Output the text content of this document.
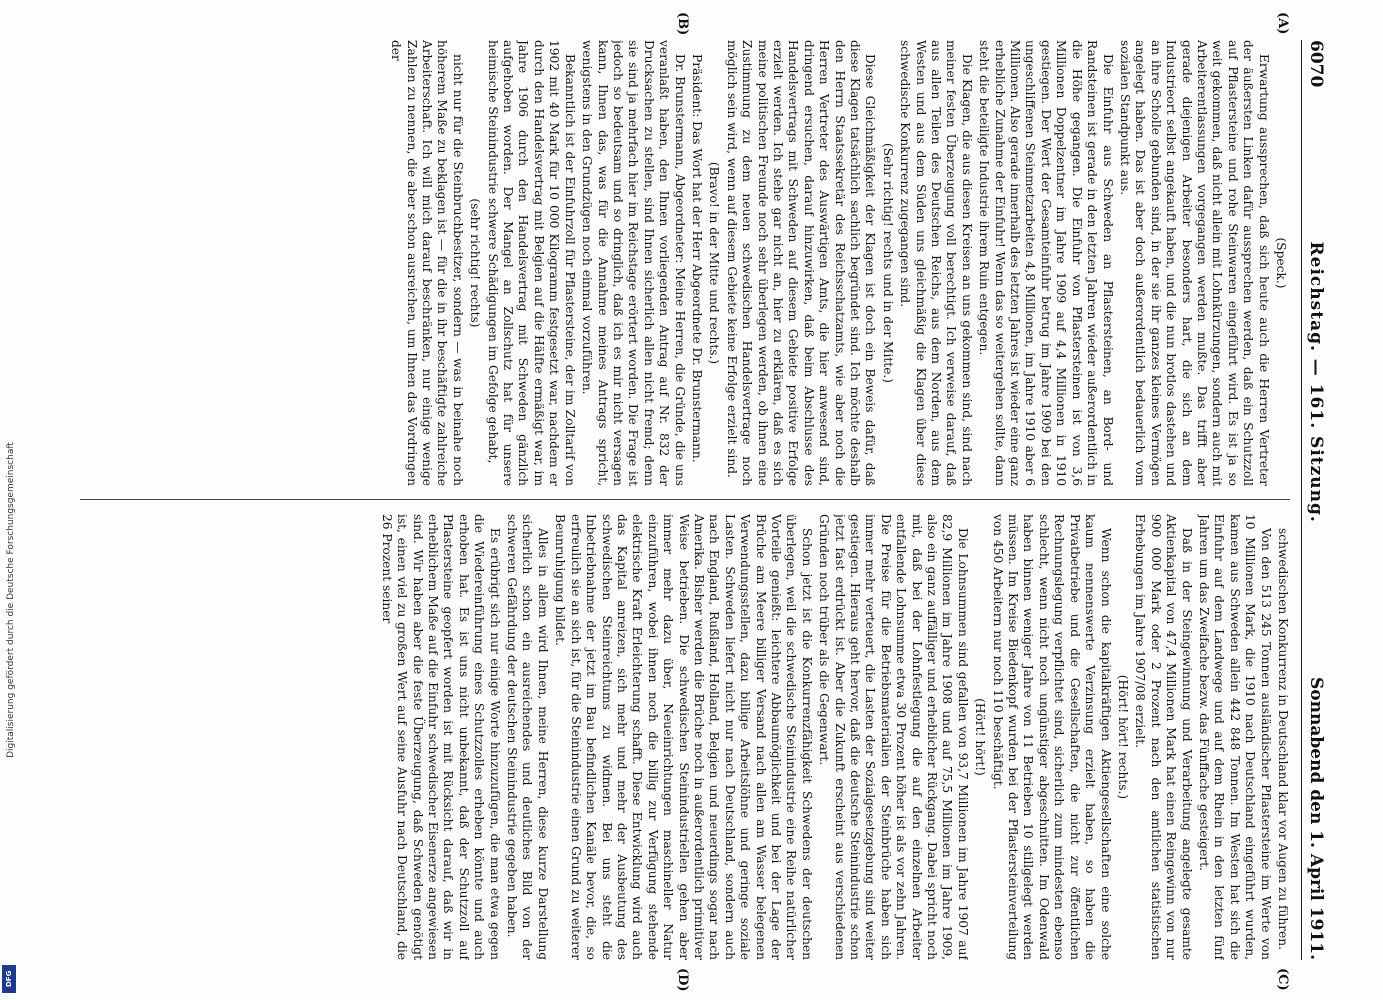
Digitalisierung gefördert durch die Deutsche Forschungsgemeinschaft
DFG
6070
Reichstag. — 161. Sitzung.
Sonnabend den 1. April 1911.
(A)
(B)
(C)
(D)

(Speck.)

Erwartung aussprechen, daß sich heute auch die Herren Vertreter der äußersten Linken dafür aussprechen werden, daß ein Schutzzoll auf Pflastersteine und rohe Steinwaren eingeführt wird. Es ist ja so weit gekommen, daß nicht allein mit Lohnkürzungen, sondern auch mit Arbeiterentlassungen vorgegangen werden mußte. Das trifft aber gerade diejenigen Arbeiter besonders hart, die sich an dem Industrieort selbst angekauft haben, und die nun brotlos dastehen und an ihre Scholle gebunden sind, in der sie ihr ganzes kleines Vermögen angelegt haben. Das ist aber doch außerordentlich bedauerlich vom sozialen Standpunkt aus.

Die Einfuhr aus Schweden an Pflastersteinen, an Bord- und Randsteinen ist gerade in den letzten Jahren wieder außerordentlich in die Höhe gegangen. Die Einfuhr von Pflastersteinen ist von 3,6 Millionen Doppelzentner im Jahre 1909 auf 4,4 Millionen in 1910 gestiegen. Der Wert der Gesamteinfuhr betrug im Jahre 1909 bei den ungeschliffenen Steinmetzarbeiten 4,8 Millionen, im Jahre 1910 aber 6 Millionen. Also gerade innerhalb des letzten Jahres ist wieder eine ganz erhebliche Zunahme der Einfuhr! Wenn das so weitergehen sollte, dann steht die beteiligte Industrie ihrem Ruin entgegen.

Die Klagen, die aus diesen Kreisen an uns gekommen sind, sind nach meiner festen Überzeugung voll berechtigt. Ich verweise darauf, daß aus allen Teilen des Deutschen Reichs, aus dem Norden, aus dem Westen und aus dem Süden uns gleichmäßig die Klagen über diese schwedische Konkurrenz zugegangen sind.

(Sehr richtig! rechts und in der Mitte.)

Diese Gleichmäßigkeit der Klagen ist doch ein Beweis dafür, daß diese Klagen tatsächlich sachlich begründet sind. Ich möchte deshalb den Herrn Staatssekretär des Reichsschatzamts, wie aber noch die Herren Vertreter des Auswärtigen Amts, die hier anwesend sind, dringend ersuchen, darauf hinzuwirken, daß beim Abschlusse des Handelsvertrags mit Schweden auf diesem Gebiete positive Erfolge erzielt werden. Ich stehe gar nicht an, hier zu erklären, daß es sich meine politischen Freunde noch sehr überlegen werden, ob ihnen eine Zustimmung zu dem neuen schwedischen Handelsvertrage noch möglich sein wird, wenn auf diesem Gebiete keine Erfolge erzielt sind.

(Bravo! in der Mitte und rechts.)

Präsident: Das Wort hat der Herr Abgeordnete Dr. Brunstermann.

Dr. Brunstermann, Abgeordneter: Meine Herren, die Gründe, die uns veranlaßt haben, den Ihnen vorliegenden Antrag auf Nr. 832 der Drucksachen zu stellen, sind Ihnen sicherlich allen nicht fremd; denn sie sind ja mehrfach hier im Reichstage erörtert worden. Die Frage ist jedoch so bedeutsam und so dringlich, daß ich es mir nicht versagen kann, Ihnen das, was für die Annahme meines Antrags spricht, wenigstens in den Grundzügen noch einmal vorzuführen.

Bekanntlich ist der Einfuhrzoll für Pflastersteine, der im Zolltarif von 1902 mit 40 Mark für 10 000 Kilogramm festgesetzt war, nachdem er durch den Handelsvertrag mit Belgien auf die Hälfte ermäßigt war, im Jahre 1906 durch den Handelsvertrag mit Schweden gänzlich aufgehoben worden. Der Mangel an Zollschutz hat für unsere heimische Steinindustrie schwere Schädigungen im Gefolge gehabt,

(sehr richtig! rechts)

nicht nur für die Steinbruchbesitzer, sondern — was in beinahe noch höherem Maße zu beklagen ist — für die in ihr beschäftigte zahlreiche Arbeiterschaft. Ich will mich darauf beschränken, nur einige wenige Zahlen zu nennen, die aber schon ausreichen, um Ihnen das Vordringen der

schwedischen Konkurrenz in Deutschland klar vor Augen zu führen.

Von den 513 245 Tonnen ausländischer Pflastersteine im Werte von 10 Millionen Mark, die 1910 nach Deutschland eingeführt wurden, kamen aus Schweden allein 442 848 Tonnen. Im Westen hat sich die Einfuhr auf dem Landwege und auf dem Rhein in den letzten fünf Jahren um das Zweifache bezw. das Fünffache gesteigert.

Daß in der Steingewinnung und Verarbeitung angelegte gesamte Aktienkapital von 47,4 Millionen Mark hat einen Reingewinn von nur 900 000 Mark oder 2 Prozent nach den amtlichen statistischen Erhebungen im Jahre 1907/08 erzielt.

(Hört! hört! rechts.)

Wenn schon die kapitalkräftigen Aktiengesellschaften eine solche kaum nennenswerte Verzinsung erzielt haben, so haben die Privatbetriebe und die Gesellschaften, die nicht zur öffentlichen Rechnungslegung verpflichtet sind, sicherlich zum mindesten ebenso schlecht, wenn nicht noch ungünstiger abgeschnitten. Im Odenwald haben binnen weniger Jahre von 11 Betrieben 10 stillgelegt werden müssen. Im Kreise Biedenkopf wurden bei der Pflastersteinverteilung von 450 Arbeitern nur noch 110 beschäftigt.

(Hört! hört!)

Die Lohnsummen sind gefallen von 93,7 Millionen im Jahre 1907 auf 82,9 Millionen im Jahre 1908 und auf 75,5 Millionen im Jahre 1909, also ein ganz auffälliger und erheblicher Rückgang. Dabei spricht noch mit, daß bei der Lohnfestlegung die auf den einzelnen Arbeiter entfallende Lohnsumme etwa 30 Prozent höher ist als vor zehn Jahren. Die Preise für die Betriebsmaterialien der Steinbrüche haben sich immer mehr verteuert, die Lasten der Sozialgesetzgebung sind weiter gestiegen. Hieraus geht hervor, daß die deutsche Steinindustrie schon jetzt fast erdrückt ist. Aber die Zukunft erscheint aus verschiedenen Gründen noch trüber als die Gegenwart.

Schon jetzt ist die Konkurrenzfähigkeit Schwedens der deutschen überlegen, weil die schwedische Steinindustrie eine Reihe natürlicher Vorteile genießt: leichtere Abbaumöglichkeit und bei der Lage der Brüche am Meere billiger Versand nach allen am Wasser belegenen Verwendungsstellen, dazu billige Arbeitslöhne und geringe soziale Lasten. Schweden liefert nicht nur nach Deutschland, sondern auch nach England, Rußland, Holland, Belgien und neuerdings sogar nach Amerika. Bisher werden die Brüche noch in außerordentlich primitiver Weise betrieben. Die schwedischen Steinindustriellen gehen aber immer mehr dazu über, Neueinrichtungen maschineller Natur einzuführen, wobei ihnen noch die billig zur Verfügung stehende elektrische Kraft Erleichterung schafft. Diese Entwicklung wird auch das Kapital anreizen, sich mehr und mehr der Ausbeutung des schwedischen Steinreichtums zu widmen. Bei uns steht die Inbetriebnahme der jetzt im Bau befindlichen Kanäle bevor, die, so erfreulich sie an sich ist, für die Steinindustrie einen Grund zu weiterer Beunruhigung bildet.

Alles in allem wird Ihnen, meine Herren, diese kurze Darstellung sicherlich schon ein ausreichendes und deutliches Bild von der schweren Gefährdung der deutschen Steinindustrie gegeben haben.

Es erübrigt sich nur einige Worte hinzuzufügen, die man etwa gegen die Wiedereinführung eines Schutzzolles erheben könnte und auch erhoben hat. Es ist uns nicht unbekannt, daß der Schutzzoll auf Pflastersteine geopfert worden ist mit Rücksicht darauf, daß wir in erheblichem Maße auf die Einfuhr schwedischer Eisenerze angewiesen sind. Wir haben aber die feste Überzeugung, daß Schweden genötigt ist, einen viel zu großen Wert auf seine Ausfuhr nach Deutschland, die 26 Prozent seiner
